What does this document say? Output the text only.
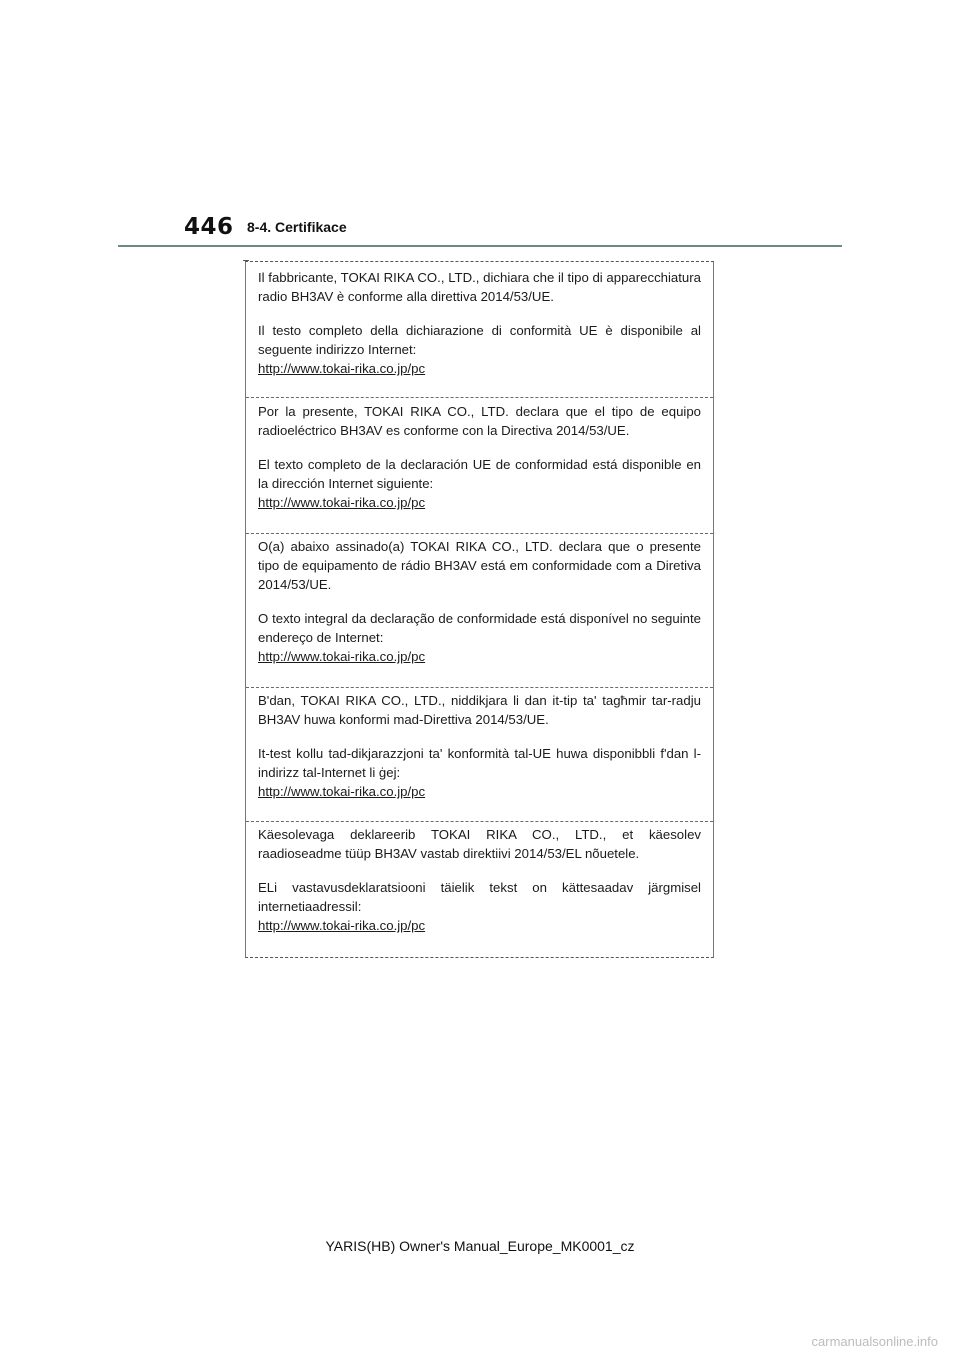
446 8-4. Certifikace

Il fabbricante, TOKAI RIKA CO., LTD., dichiara che il tipo di apparecchiatura radio BH3AV è conforme alla direttiva 2014/53/UE.

Il testo completo della dichiarazione di conformità UE è disponibile al seguente indirizzo Internet:

http://www.tokai-rika.co.jp/pc

Por la presente, TOKAI RIKA CO., LTD. declara que el tipo de equipo radioeléctrico BH3AV es conforme con la Directiva 2014/53/UE.

El texto completo de la declaración UE de conformidad está disponible en la dirección Internet siguiente:

http://www.tokai-rika.co.jp/pc

O(a) abaixo assinado(a) TOKAI RIKA CO., LTD. declara que o presente tipo de equipamento de rádio BH3AV está em conformidade com a Diretiva 2014/53/UE.

O texto integral da declaração de conformidade está disponível no seguinte endereço de Internet:

http://www.tokai-rika.co.jp/pc

B'dan, TOKAI RIKA CO., LTD., niddikjara li dan it-tip ta' tagħmir tar-radju BH3AV huwa konformi mad-Direttiva 2014/53/UE.

It-test kollu tad-dikjarazzjoni ta' konformità tal-UE huwa disponibbli f'dan l-indirizz tal-Internet li ġej:

http://www.tokai-rika.co.jp/pc

Käesolevaga deklareerib TOKAI RIKA CO., LTD., et käesolev raadioseadme tüüp BH3AV vastab direktiivi 2014/53/EL nõuetele.

ELi vastavusdeklaratsiooni täielik tekst on kättesaadav järgmisel internetiaadressil:

http://www.tokai-rika.co.jp/pc
YARIS(HB) Owner's Manual_Europe_MK0001_cz
carmanualsonline.info
